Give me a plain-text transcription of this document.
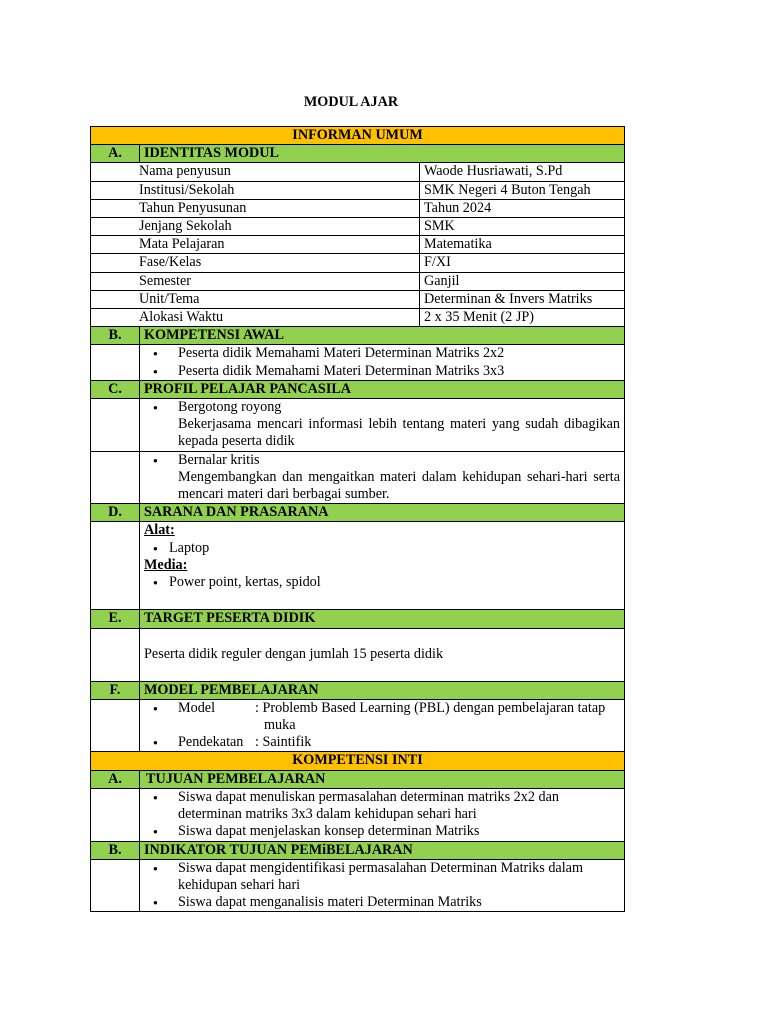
MODUL AJAR
INFORMAN UMUM		
A.	IDENTITAS MODUL	
Nama penyusun		Waode Husriawati, S.Pd
Institusi/Sekolah		SMK Negeri 4 Buton Tengah
Tahun Penyusunan		Tahun 2024
Jenjang Sekolah		SMK
Mata Pelajaran		Matematika
Fase/Kelas		F/XI
Semester		Ganjil
Unit/Tema		Determinan & Invers Matriks
Alokasi Waktu		2 x 35 Menit (2 JP)
B.	KOMPETENSI AWAL	

	● Peserta didik Memahami Materi Determinan Matriks 2x2
● Peserta didik Memahami Materi Determinan Matriks 3x3

C.	PROFIL PELAJAR PANCASILA	

	● Bergotong royong
Bekerjasama mencari informasi lebih tentang materi yang sudah dibagikan kepada peserta didik

	● Bernalar kritis
Mengembangkan dan mengaitkan materi dalam kehidupan sehari-hari serta mencari materi dari berbagai sumber.

D.	SARANA DAN PRASARANA	

	Alat:
● Laptop
Media:
● Power point, kertas, spidol

E.	TARGET PESERTA DIDIK	
	Peserta didik reguler dengan jumlah 15 peserta didik	
F.	MODEL PEMBELAJARAN	

	● Model : Problemb Based Learning (PBL) dengan pembelajaran tatap muka
● Pendekatan : Saintifik

KOMPETENSI INTI		
A.	TUJUAN PEMBELAJARAN	

	● Siswa dapat menuliskan permasalahan determinan matriks 2x2 dan determinan matriks 3x3 dalam kehidupan sehari hari
● Siswa dapat menjelaskan konsep determinan Matriks

B.	INDIKATOR TUJUAN PEMiBELAJARAN	

	● Siswa dapat mengidentifikasi permasalahan Determinan Matriks dalam kehidupan sehari hari
● Siswa dapat menganalisis materi Determinan Matriks
